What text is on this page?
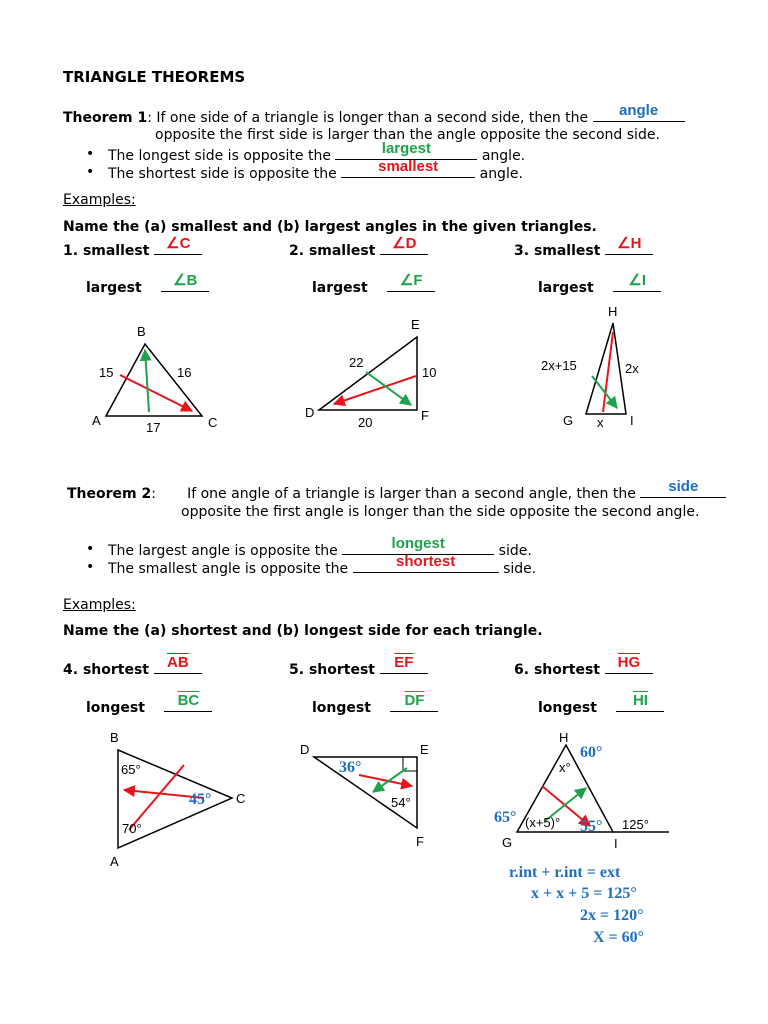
TRIANGLE THEOREMS
Theorem 1: If one side of a triangle is longer than a second side, then the	angle
opposite the first side is larger than the angle opposite the second side.
• The longest side is opposite the	largest	angle.
• The shortest side is opposite the	smallest	angle.
Examples:
Name the (a) smallest and (b) largest angles in the given triangles.
1. smallest	∠C
largest	∠B
2. smallest	∠D
largest	∠F
3. smallest	∠H
largest	∠I
Theorem 2:       If one angle of a triangle is larger than a second angle, then the	side
opposite the first angle is longer than the side opposite the second angle.
• The largest angle is opposite the	longest	side.
• The smallest angle is opposite the	shortest	side.
Examples:
Name the (a) shortest and (b) longest side for each triangle.
4. shortest	$\overline{AB}$
longest	$\overline{BC}$
5. shortest	$\overline{EF}$
longest	$\overline{DF}$
6. shortest	$\overline{HG}$
longest	$\overline{HI}$
B
A	C
15	16
17
E
D	F
22
10
20
H
G	I
2x+15	2x
x
B
C
A
65°
70°
45°
D	E
F
36°
54°
H
G	I
x°
60°
(x+5)°
65°
55° 125°
r.int + r.int = ext
x + x + 5 = 125°
2x = 120°
X = 60°
